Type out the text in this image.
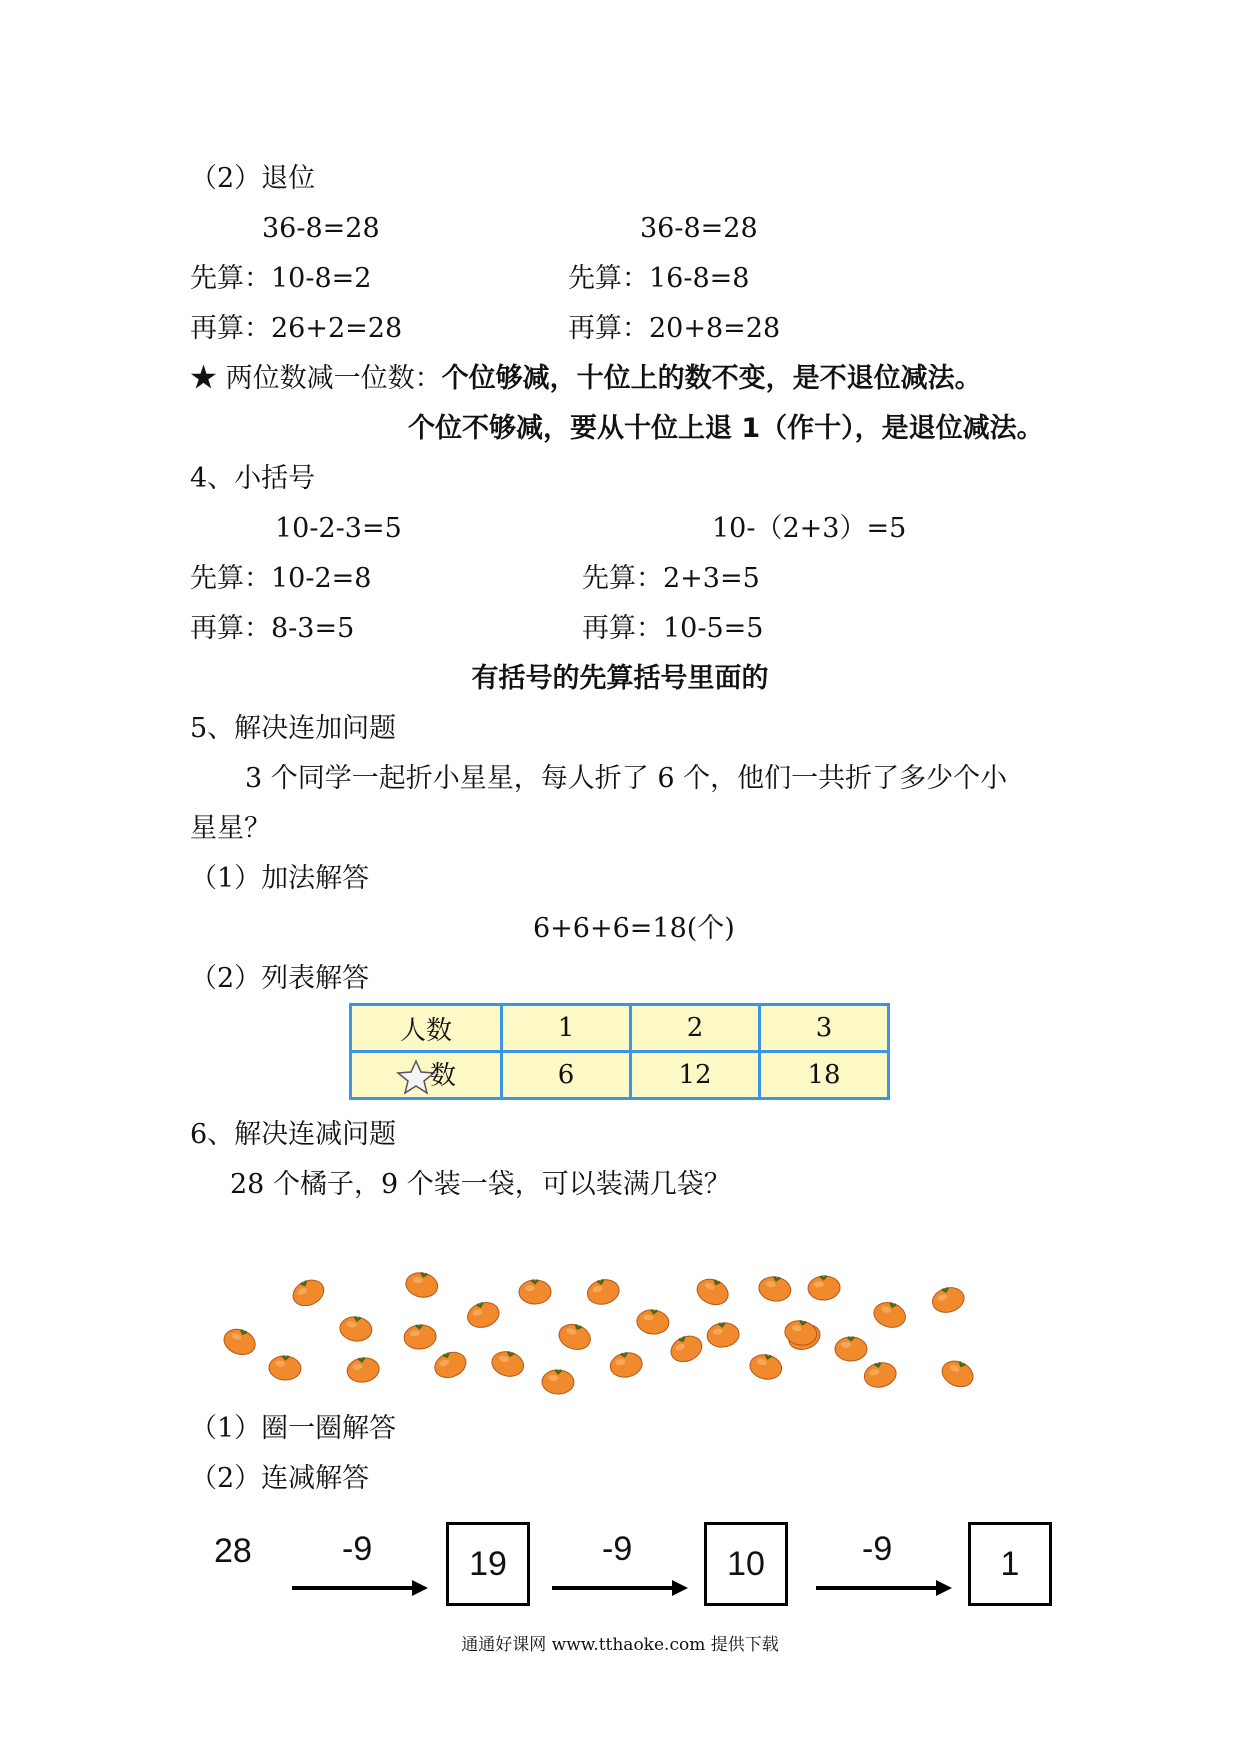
（2）退位
36-8=28	36-8=28
先算：10-8=2	先算：16-8=8
再算：26+2=28	再算：20+8=28
★ 两位数减一位数：个位够减，十位上的数不变，是不退位减法。
个位不够减，要从十位上退 1（作十），是退位减法。
4、小括号
10-2-3=5	10-（2+3）=5
先算：10-2=8	先算：2+3=5
再算：8-3=5	再算：10-5=5
有括号的先算括号里面的
5、解决连加问题
3 个同学一起折小星星，每人折了 6 个，他们一共折了多少个小
星星？
（1）加法解答
6+6+6=18(个)
（2）列表解答
人数	1	2	3
数	6	12	18
6、解决连减问题
28 个橘子，9 个装一袋，可以装满几袋？
（1）圈一圈解答
（2）连减解答
28	-9	19	-9	10	-9	1
通通好课网 www.tthaoke.com 提供下载
